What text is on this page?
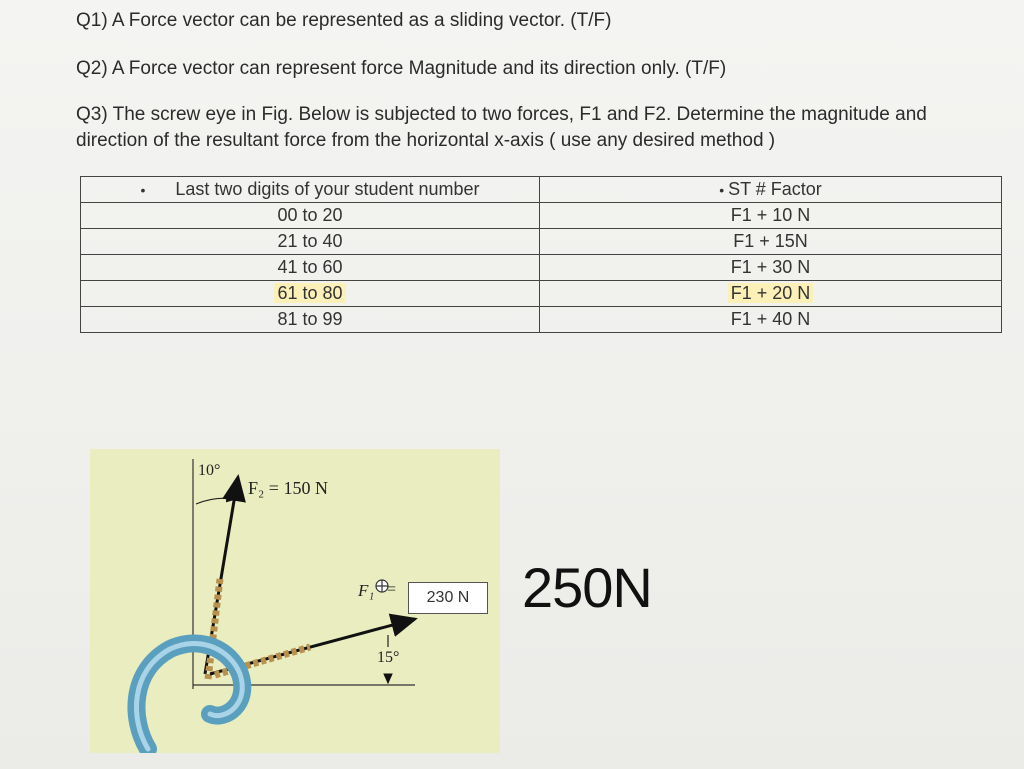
Q1) A Force vector can be represented as a sliding vector. (T/F)
Q2) A Force vector can represent force Magnitude and its direction only. (T/F)
Q3) The screw eye in Fig. Below is subjected to two forces, F1 and F2. Determine the magnitude and direction of the resultant force from the horizontal x-axis ( use any desired method )
• Last two digits of your student number	• ST # Factor
00 to 20	F1 + 10 N
21 to 40	F1 + 15N
41 to 60	F1 + 30 N
61 to 80	F1 + 20 N
81 to 99	F1 + 40 N
10°
F₂ = 150 N
F₁ =	230 N
15°
250N
